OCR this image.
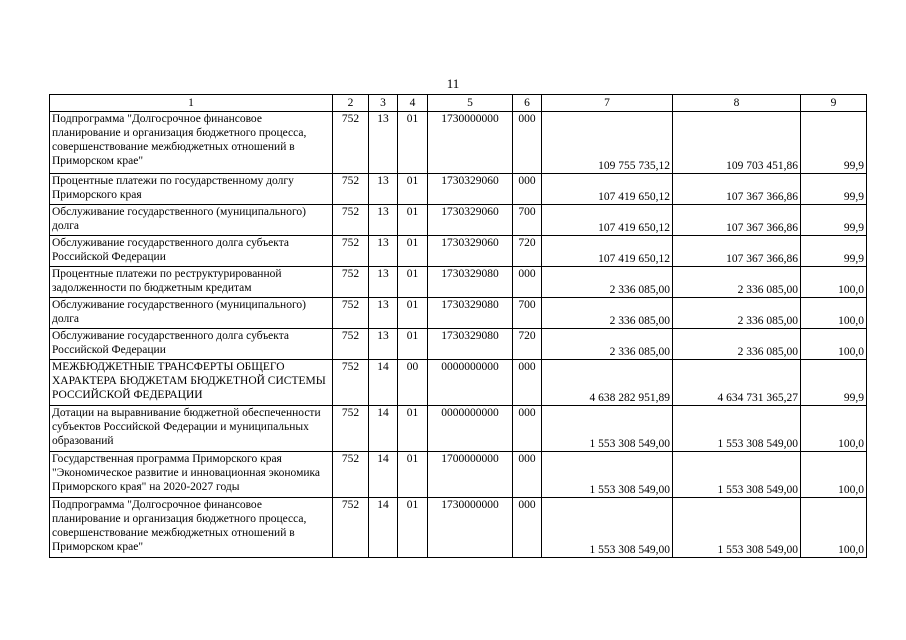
11
1	2	3	4	5	6	7	8	9
Подпрограмма "Долгосрочное финансовое планирование и организация бюджетного процесса, совершенствование межбюджетных отношений в Приморском крае"	752	13	01	1730000000	000	109 755 735,12	109 703 451,86	99,9
Процентные платежи по государственному долгу Приморского края	752	13	01	1730329060	000	107 419 650,12	107 367 366,86	99,9
Обслуживание государственного (муниципального) долга	752	13	01	1730329060	700	107 419 650,12	107 367 366,86	99,9
Обслуживание государственного долга субъекта Российской Федерации	752	13	01	1730329060	720	107 419 650,12	107 367 366,86	99,9
Процентные платежи по реструктурированной задолженности по бюджетным кредитам	752	13	01	1730329080	000	2 336 085,00	2 336 085,00	100,0
Обслуживание государственного (муниципального) долга	752	13	01	1730329080	700	2 336 085,00	2 336 085,00	100,0
Обслуживание государственного долга субъекта Российской Федерации	752	13	01	1730329080	720	2 336 085,00	2 336 085,00	100,0
МЕЖБЮДЖЕТНЫЕ ТРАНСФЕРТЫ ОБЩЕГО ХАРАКТЕРА БЮДЖЕТАМ БЮДЖЕТНОЙ СИСТЕМЫ РОССИЙСКОЙ ФЕДЕРАЦИИ	752	14	00	0000000000	000	4 638 282 951,89	4 634 731 365,27	99,9
Дотации на выравнивание бюджетной обеспеченности субъектов Российской Федерации и муниципальных образований	752	14	01	0000000000	000	1 553 308 549,00	1 553 308 549,00	100,0
Государственная программа Приморского края "Экономическое развитие и инновационная экономика Приморского края" на 2020-2027 годы	752	14	01	1700000000	000	1 553 308 549,00	1 553 308 549,00	100,0
Подпрограмма "Долгосрочное финансовое планирование и организация бюджетного процесса, совершенствование межбюджетных отношений в Приморском крае"	752	14	01	1730000000	000	1 553 308 549,00	1 553 308 549,00	100,0
